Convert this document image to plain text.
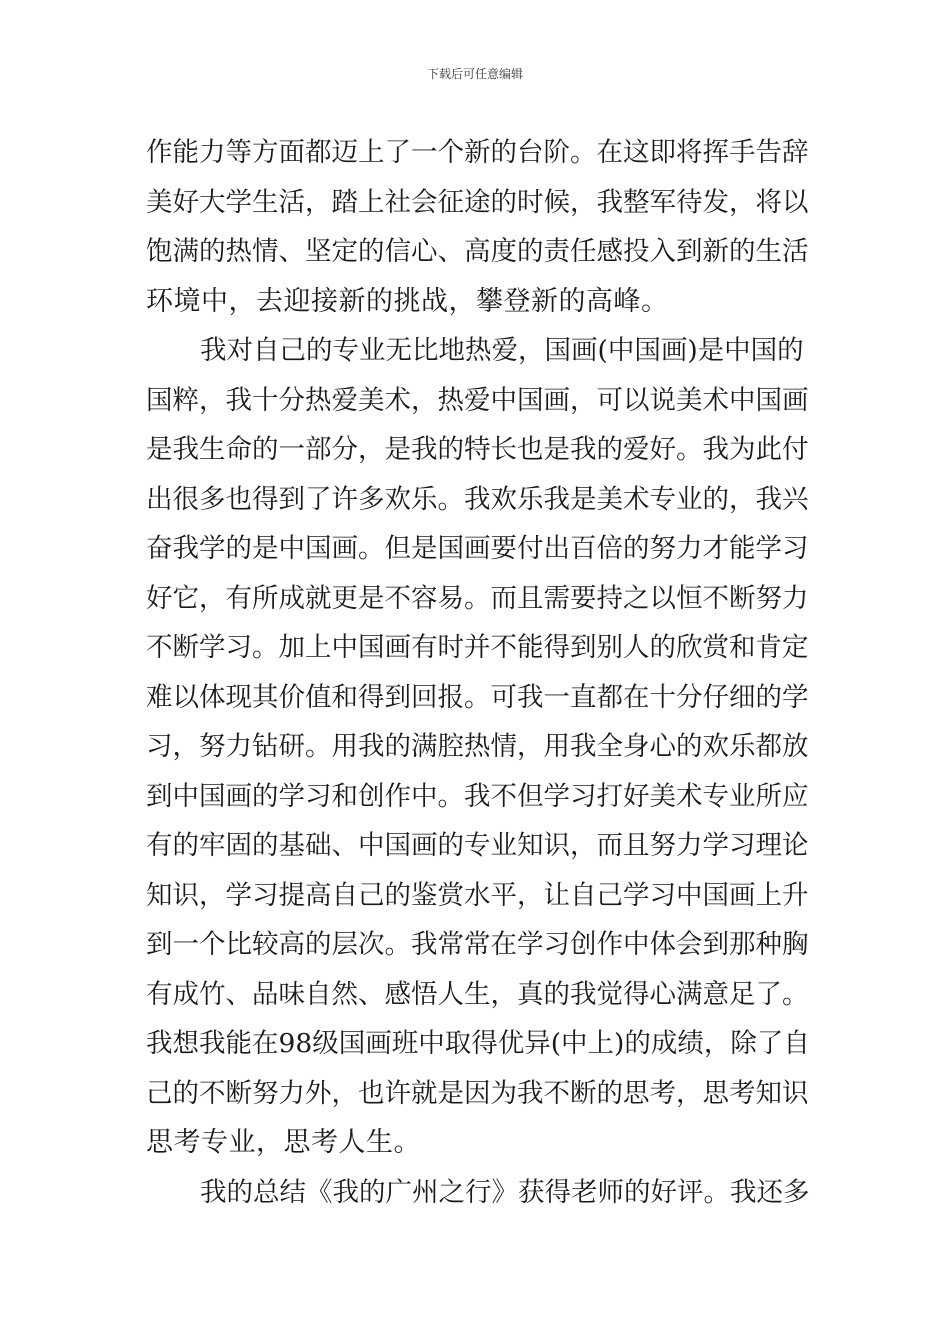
下载后可任意编辑
作能力等方面都迈上了一个新的台阶。在这即将挥手告辞
美好大学生活，踏上社会征途的时候，我整军待发，将以
饱满的热情、坚定的信心、高度的责任感投入到新的生活
环境中，去迎接新的挑战，攀登新的高峰。
我对自己的专业无比地热爱，国画(中国画)是中国的
国粹，我十分热爱美术，热爱中国画，可以说美术中国画
是我生命的一部分，是我的特长也是我的爱好。我为此付
出很多也得到了许多欢乐。我欢乐我是美术专业的，我兴
奋我学的是中国画。但是国画要付出百倍的努力才能学习
好它，有所成就更是不容易。而且需要持之以恒不断努力
不断学习。加上中国画有时并不能得到别人的欣赏和肯定
难以体现其价值和得到回报。可我一直都在十分仔细的学
习，努力钻研。用我的满腔热情，用我全身心的欢乐都放
到中国画的学习和创作中。我不但学习打好美术专业所应
有的牢固的基础、中国画的专业知识，而且努力学习理论
知识，学习提高自己的鉴赏水平，让自己学习中国画上升
到一个比较高的层次。我常常在学习创作中体会到那种胸
有成竹、品味自然、感悟人生，真的我觉得心满意足了。
我想我能在98级国画班中取得优异(中上)的成绩，除了自
己的不断努力外，也许就是因为我不断的思考，思考知识
思考专业，思考人生。
我的总结《我的广州之行》获得老师的好评。我还多
